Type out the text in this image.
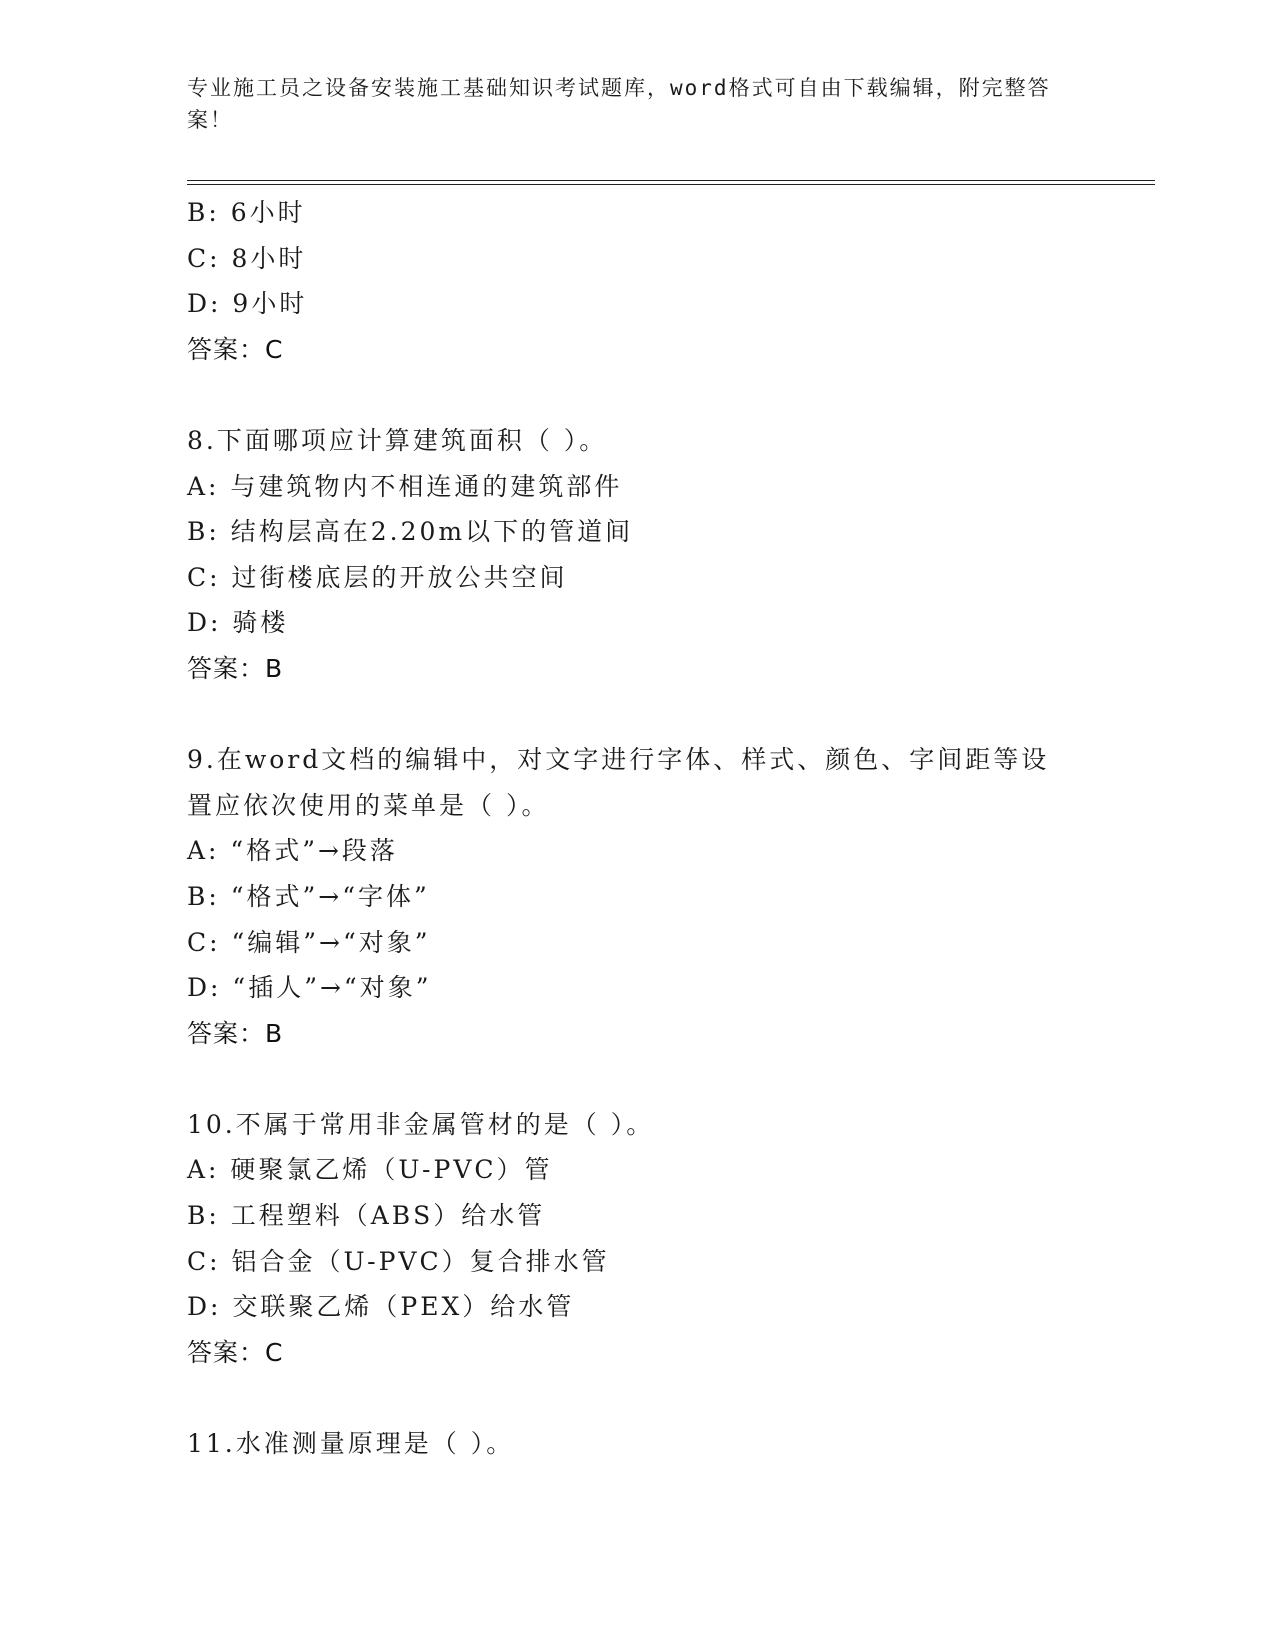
专业施工员之设备安装施工基础知识考试题库，word格式可自由下载编辑，附完整答案！
B: 6小时
C: 8小时
D: 9小时
答案：C
8.下面哪项应计算建筑面积（ ）。
A: 与建筑物内不相连通的建筑部件
B: 结构层高在2.20m以下的管道间
C: 过街楼底层的开放公共空间
D: 骑楼
答案：B
9.在word文档的编辑中，对文字进行字体、样式、颜色、字间距等设置应依次使用的菜单是（ ）。
A: “格式”→段落
B: “格式”→“字体”
C: “编辑”→“对象”
D: “插人”→“对象”
答案：B
10.不属于常用非金属管材的是（ ）。
A: 硬聚氯乙烯（U-PVC）管
B: 工程塑料（ABS）给水管
C: 铝合金（U-PVC）复合排水管
D: 交联聚乙烯（PEX）给水管
答案：C
11.水准测量原理是（ ）。
